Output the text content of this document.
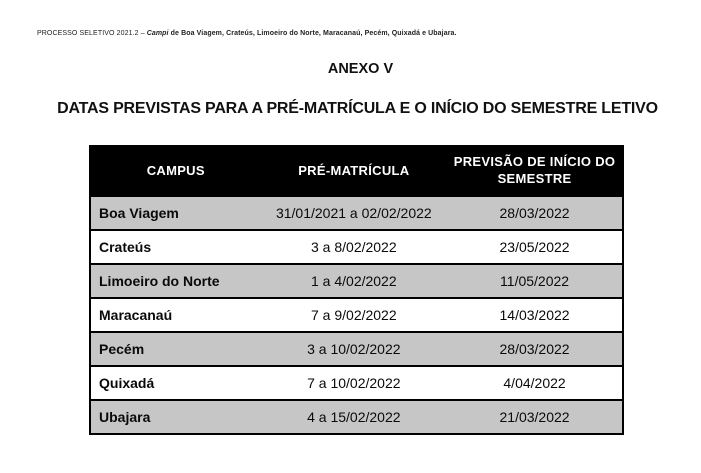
PROCESSO SELETIVO 2021.2 – Campi de Boa Viagem, Crateús, Limoeiro do Norte, Maracanaú, Pecém, Quixadá e Ubajara.

ANEXO V
DATAS PREVISTAS PARA A PRÉ-MATRÍCULA E O INÍCIO DO SEMESTRE LETIVO
CAMPUS	PRÉ-MATRÍCULA	PREVISÃO DE INÍCIO DO SEMESTRE
Boa Viagem	31/01/2021 a 02/02/2022	28/03/2022
Crateús	3 a 8/02/2022	23/05/2022
Limoeiro do Norte	1 a 4/02/2022	11/05/2022
Maracanaú	7 a 9/02/2022	14/03/2022
Pecém	3 a 10/02/2022	28/03/2022
Quixadá	7 a 10/02/2022	4/04/2022
Ubajara	4 a 15/02/2022	21/03/2022
